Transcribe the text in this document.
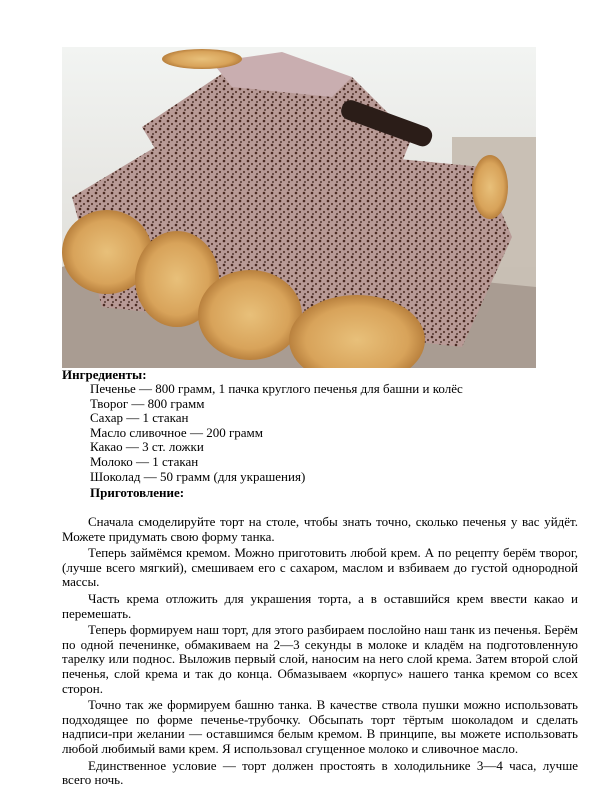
Ингредиенты:
Печенье — 800 грамм, 1 пачка круглого печенья для башни и колёс
Творог — 800 грамм
Сахар — 1 стакан
Масло сливочное — 200 грамм
Какао — 3 ст. ложки
Молоко — 1 стакан
Шоколад — 50 грамм (для украшения)
Приготовление:

Сначала смоделируйте торт на столе, чтобы знать точно, сколько печенья у вас уйдёт. Можете придумать свою форму танка.

Теперь займёмся кремом. Можно приготовить любой крем. А по рецепту берём творог, (лучше всего мягкий), смешиваем его с сахаром, маслом и взбиваем до густой однородной массы.

Часть крема отложить для украшения торта, а в оставшийся крем ввести какао и перемешать.

Теперь формируем наш торт, для этого разбираем послойно наш танк из печенья. Берём по одной печенинке, обмакиваем на 2—3 секунды в молоке и кладём на подготовленную тарелку или поднос. Выложив первый слой, наносим на него слой крема. Затем второй слой печенья, слой крема и так до конца. Обмазываем «корпус» нашего танка кремом со всех сторон.

Точно так же формируем башню танка. В качестве ствола пушки можно использовать подходящее по форме печенье-трубочку. Обсыпать торт тёртым шоколадом и сделать надписи-при желании — оставшимся белым кремом. В принципе, вы можете использовать любой любимый вами крем. Я использовал сгущенное молоко и сливочное масло.

Единственное условие — торт должен простоять в холодильнике 3—4 часа, лучше всего ночь.
